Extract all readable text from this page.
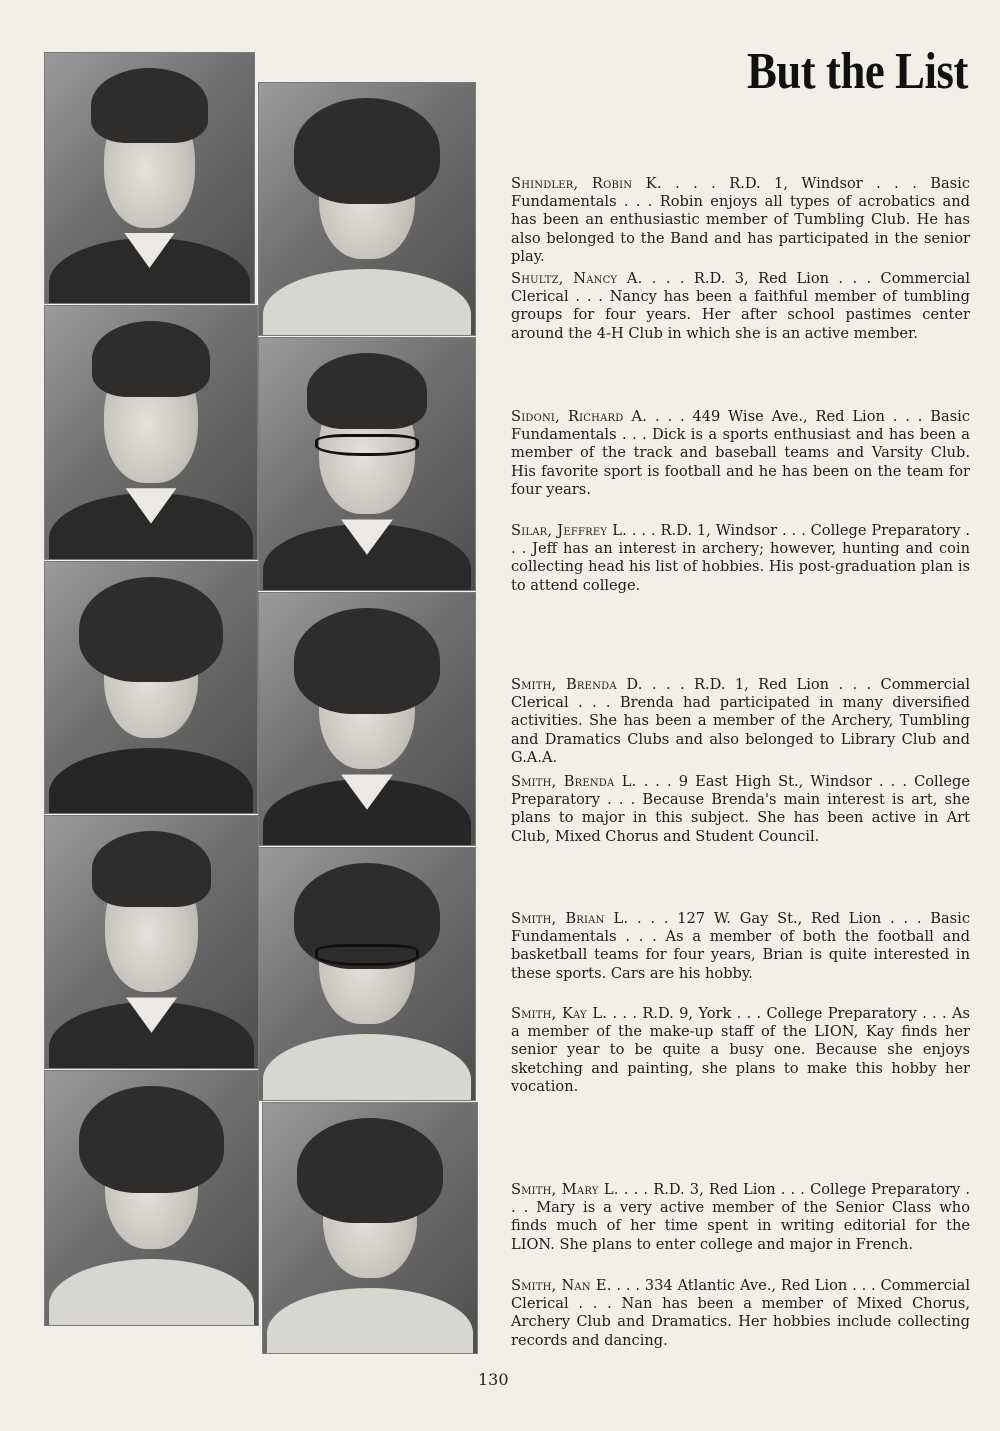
But the List

Shindler, Robin K. . . . R.D. 1, Windsor . . . Basic Fundamentals . . . Robin enjoys all types of acrobatics and has been an enthusiastic member of Tumbling Club. He has also belonged to the Band and has participated in the senior play.

Shultz, Nancy A. . . . R.D. 3, Red Lion . . . Commercial Clerical . . . Nancy has been a faithful member of tumbling groups for four years. Her after school pastimes center around the 4-H Club in which she is an active member.

Sidoni, Richard A. . . . 449 Wise Ave., Red Lion . . . Basic Fundamentals . . . Dick is a sports enthusiast and has been a member of the track and baseball teams and Varsity Club. His favorite sport is football and he has been on the team for four years.

Silar, Jeffrey L. . . . R.D. 1, Windsor . . . College Preparatory . . . Jeff has an interest in archery; however, hunting and coin collecting head his list of hobbies. His post-graduation plan is to attend college.

Smith, Brenda D. . . . R.D. 1, Red Lion . . . Commercial Clerical . . . Brenda had participated in many diversified activities. She has been a member of the Archery, Tumbling and Dramatics Clubs and also belonged to Library Club and G.A.A.

Smith, Brenda L. . . . 9 East High St., Windsor . . . College Preparatory . . . Because Brenda's main interest is art, she plans to major in this subject. She has been active in Art Club, Mixed Chorus and Student Council.

Smith, Brian L. . . . 127 W. Gay St., Red Lion . . . Basic Fundamentals . . . As a member of both the football and basketball teams for four years, Brian is quite interested in these sports. Cars are his hobby.

Smith, Kay L. . . . R.D. 9, York . . . College Preparatory . . . As a member of the make-up staff of the LION, Kay finds her senior year to be quite a busy one. Because she enjoys sketching and painting, she plans to make this hobby her vocation.

Smith, Mary L. . . . R.D. 3, Red Lion . . . College Preparatory . . . Mary is a very active member of the Senior Class who finds much of her time spent in writing editorial for the LION. She plans to enter college and major in French.

Smith, Nan E. . . . 334 Atlantic Ave., Red Lion . . . Commercial Clerical . . . Nan has been a member of Mixed Chorus, Archery Club and Dramatics. Her hobbies include collecting records and dancing.

130
